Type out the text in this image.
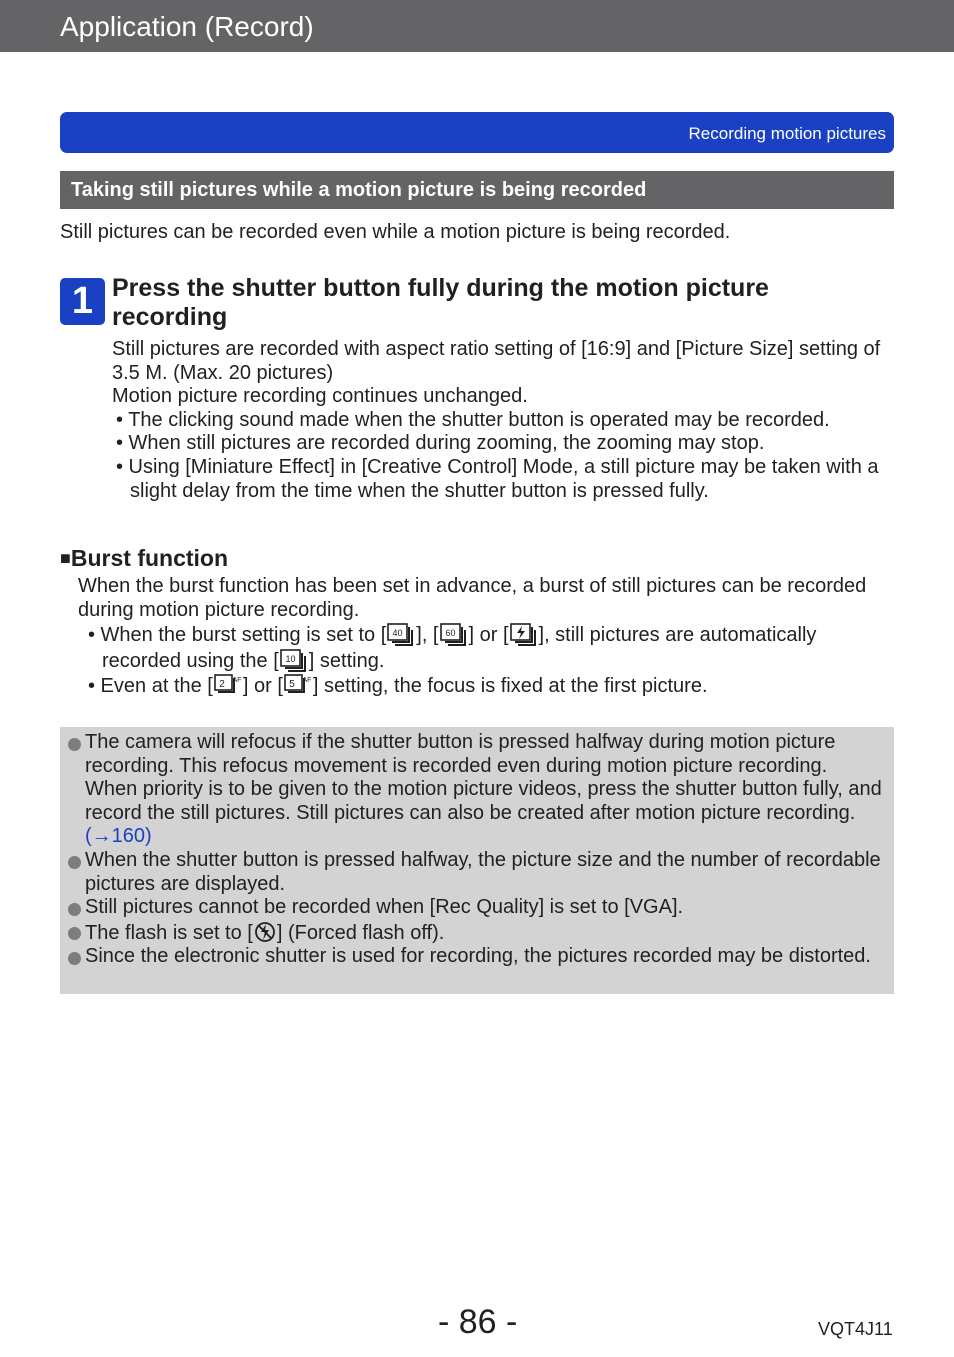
Application (Record)
Recording motion pictures
Taking still pictures while a motion picture is being recorded
Still pictures can be recorded even while a motion picture is being recorded.
1 Press the shutter button fully during the motion picture recording
Still pictures are recorded with aspect ratio setting of [16:9] and [Picture Size] setting of 3.5 M. (Max. 20 pictures)
Motion picture recording continues unchanged.
• The clicking sound made when the shutter button is operated may be recorded.
• When still pictures are recorded during zooming, the zooming may stop.
• Using [Miniature Effect] in [Creative Control] Mode, a still picture may be taken with a slight delay from the time when the shutter button is pressed fully.
■Burst function
When the burst function has been set in advance, a burst of still pictures can be recorded during motion picture recording.
• When the burst setting is set to [ 40 ], [ 60 ] or [ ], still pictures are automatically recorded using the [ 10 ] setting.
• Even at the [ 2 AF ] or [ 5 AF ] setting, the focus is fixed at the first picture.
The camera will refocus if the shutter button is pressed halfway during motion picture recording. This refocus movement is recorded even during motion picture recording. When priority is to be given to the motion picture videos, press the shutter button fully, and record the still pictures. Still pictures can also be created after motion picture recording. (→160)
When the shutter button is pressed halfway, the picture size and the number of recordable pictures are displayed.
Still pictures cannot be recorded when [Rec Quality] is set to [VGA].
The flash is set to [ ] (Forced flash off).
Since the electronic shutter is used for recording, the pictures recorded may be distorted.
- 86 -	VQT4J11
